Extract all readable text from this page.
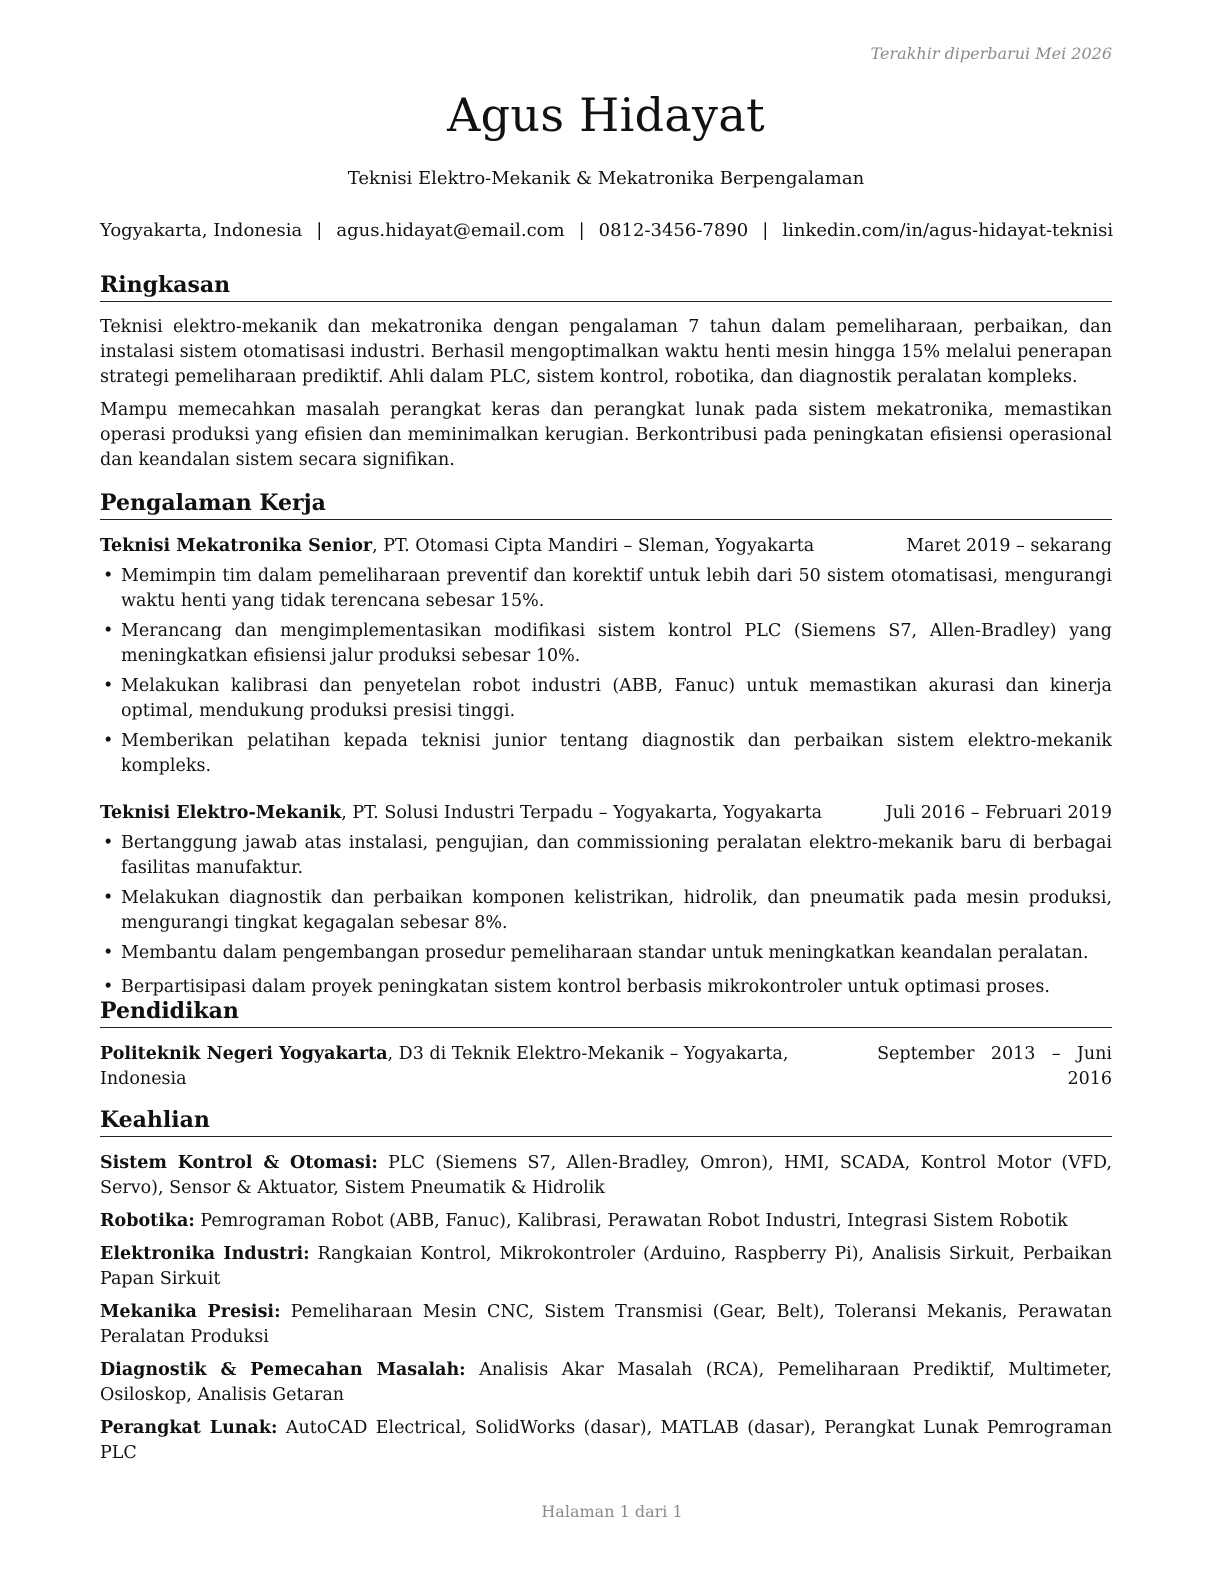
Terakhir diperbarui Mei 2026
Agus Hidayat
Teknisi Elektro-Mekanik & Mekatronika Berpengalaman
Yogyakarta, Indonesia | agus.hidayat@email.com | 0812-3456-7890 | linkedin.com/in/agus-hidayat-teknisi
Ringkasan

Teknisi elektro-mekanik dan mekatronika dengan pengalaman 7 tahun dalam pemeliharaan, perbaikan, dan instalasi sistem otomatisasi industri. Berhasil mengoptimalkan waktu henti mesin hingga 15% melalui penerapan strategi pemeliharaan prediktif. Ahli dalam PLC, sistem kontrol, robotika, dan diagnostik peralatan kompleks.

Mampu memecahkan masalah perangkat keras dan perangkat lunak pada sistem mekatronika, memastikan operasi produksi yang efisien dan meminimalkan kerugian. Berkontribusi pada peningkatan efisiensi operasional dan keandalan sistem secara signifikan.

Pengalaman Kerja
Teknisi Mekatronika Senior, PT. Otomasi Cipta Mandiri – Sleman, Yogyakarta	Maret 2019 – sekarang
• Memimpin tim dalam pemeliharaan preventif dan korektif untuk lebih dari 50 sistem otomatisasi, mengurangi waktu henti yang tidak terencana sebesar 15%.
• Merancang dan mengimplementasikan modifikasi sistem kontrol PLC (Siemens S7, Allen-Bradley) yang meningkatkan efisiensi jalur produksi sebesar 10%.
• Melakukan kalibrasi dan penyetelan robot industri (ABB, Fanuc) untuk memastikan akurasi dan kinerja optimal, mendukung produksi presisi tinggi.
• Memberikan pelatihan kepada teknisi junior tentang diagnostik dan perbaikan sistem elektro-mekanik kompleks.
Teknisi Elektro-Mekanik, PT. Solusi Industri Terpadu – Yogyakarta, Yogyakarta	Juli 2016 – Februari 2019
• Bertanggung jawab atas instalasi, pengujian, dan commissioning peralatan elektro-mekanik baru di berbagai fasilitas manufaktur.
• Melakukan diagnostik dan perbaikan komponen kelistrikan, hidrolik, dan pneumatik pada mesin produksi, mengurangi tingkat kegagalan sebesar 8%.
• Membantu dalam pengembangan prosedur pemeliharaan standar untuk meningkatkan keandalan peralatan.
• Berpartisipasi dalam proyek peningkatan sistem kontrol berbasis mikrokontroler untuk optimasi proses.
Pendidikan
Politeknik Negeri Yogyakarta, D3 di Teknik Elektro-Mekanik – Yogyakarta, Indonesia
September 2013 – Juni
2016
Keahlian

Sistem Kontrol & Otomasi: PLC (Siemens S7, Allen-Bradley, Omron), HMI, SCADA, Kontrol Motor (VFD, Servo), Sensor & Aktuator, Sistem Pneumatik & Hidrolik

Robotika: Pemrograman Robot (ABB, Fanuc), Kalibrasi, Perawatan Robot Industri, Integrasi Sistem Robotik

Elektronika Industri: Rangkaian Kontrol, Mikrokontroler (Arduino, Raspberry Pi), Analisis Sirkuit, Perbaikan Papan Sirkuit

Mekanika Presisi: Pemeliharaan Mesin CNC, Sistem Transmisi (Gear, Belt), Toleransi Mekanis, Perawatan Peralatan Produksi

Diagnostik & Pemecahan Masalah: Analisis Akar Masalah (RCA), Pemeliharaan Prediktif, Multimeter, Osiloskop, Analisis Getaran

Perangkat Lunak: AutoCAD Electrical, SolidWorks (dasar), MATLAB (dasar), Perangkat Lunak Pemrograman PLC

Halaman 1 dari 1
